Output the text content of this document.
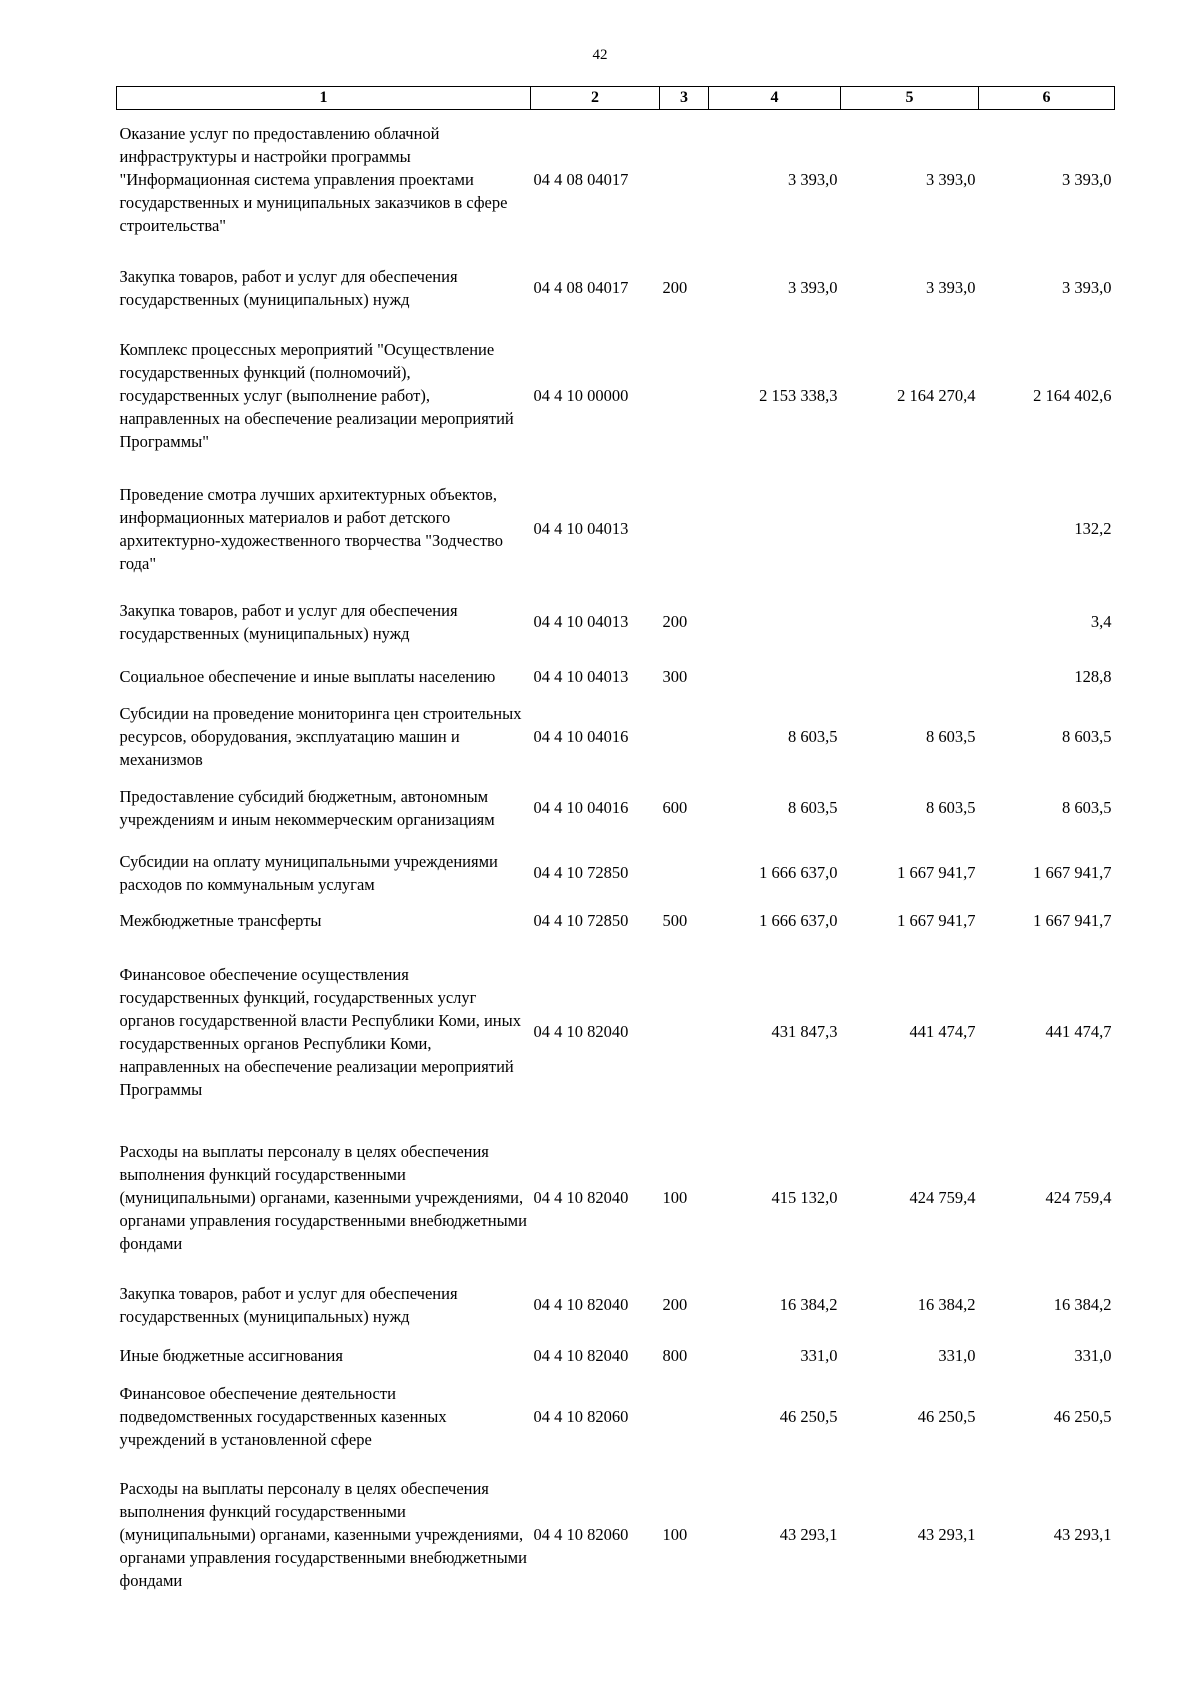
42
1	2	3	4	5	6
Оказание услуг по предоставлению облачной инфраструктуры и настройки программы "Информационная система управления проектами государственных и муниципальных заказчиков в сфере строительства"	04 4 08 04017		3 393,0	3 393,0	3 393,0
Закупка товаров, работ и услуг для обеспечения государственных (муниципальных) нужд	04 4 08 04017	200	3 393,0	3 393,0	3 393,0
Комплекс процессных мероприятий "Осуществление государственных функций (полномочий), государственных услуг (выполнение работ), направленных на обеспечение реализации мероприятий Программы"	04 4 10 00000		2 153 338,3	2 164 270,4	2 164 402,6
Проведение смотра лучших архитектурных объектов, информационных материалов и работ детского архитектурно-художественного творчества "Зодчество года"	04 4 10 04013				132,2
Закупка товаров, работ и услуг для обеспечения государственных (муниципальных) нужд	04 4 10 04013	200			3,4
Социальное обеспечение и иные выплаты населению	04 4 10 04013	300			128,8
Субсидии на проведение мониторинга цен строительных ресурсов, оборудования, эксплуатацию машин и механизмов	04 4 10 04016		8 603,5	8 603,5	8 603,5
Предоставление субсидий бюджетным, автономным учреждениям и иным некоммерческим организациям	04 4 10 04016	600	8 603,5	8 603,5	8 603,5
Субсидии на оплату муниципальными учреждениями расходов по коммунальным услугам	04 4 10 72850		1 666 637,0	1 667 941,7	1 667 941,7
Межбюджетные трансферты	04 4 10 72850	500	1 666 637,0	1 667 941,7	1 667 941,7
Финансовое обеспечение осуществления государственных функций, государственных услуг органов государственной власти Республики Коми, иных государственных органов Республики Коми, направленных на обеспечение реализации мероприятий Программы	04 4 10 82040		431 847,3	441 474,7	441 474,7
Расходы на выплаты персоналу в целях обеспечения выполнения функций государственными (муниципальными) органами, казенными учреждениями, органами управления государственными внебюджетными фондами	04 4 10 82040	100	415 132,0	424 759,4	424 759,4
Закупка товаров, работ и услуг для обеспечения государственных (муниципальных) нужд	04 4 10 82040	200	16 384,2	16 384,2	16 384,2
Иные бюджетные ассигнования	04 4 10 82040	800	331,0	331,0	331,0
Финансовое обеспечение деятельности подведомственных государственных казенных учреждений в установленной сфере	04 4 10 82060		46 250,5	46 250,5	46 250,5
Расходы на выплаты персоналу в целях обеспечения выполнения функций государственными (муниципальными) органами, казенными учреждениями, органами управления государственными внебюджетными фондами	04 4 10 82060	100	43 293,1	43 293,1	43 293,1
